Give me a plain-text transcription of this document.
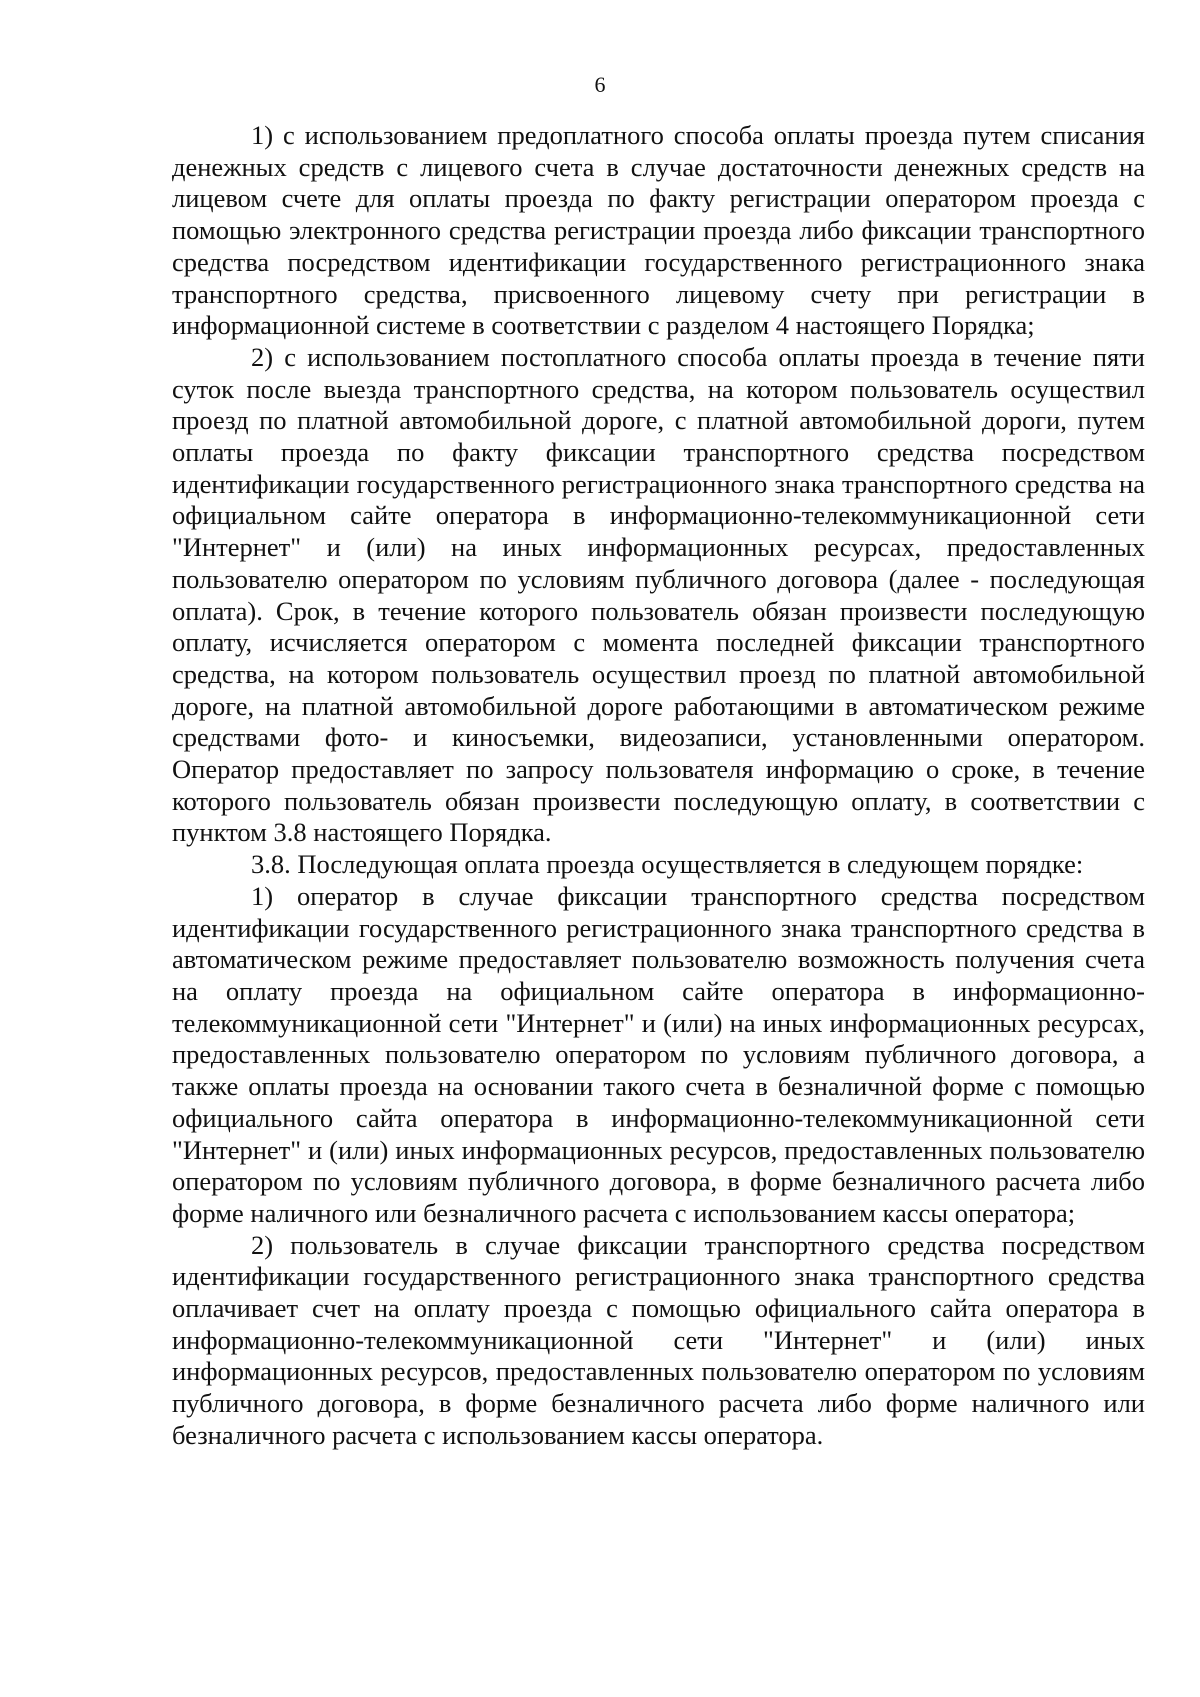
6

1) с использованием предоплатного способа оплаты проезда путем списания денежных средств с лицевого счета в случае достаточности денежных средств на лицевом счете для оплаты проезда по факту регистрации оператором проезда с помощью электронного средства регистрации проезда либо фиксации транспортного средства посредством идентификации государственного регистрационного знака транспортного средства, присвоенного лицевому счету при регистрации в информационной системе в соответствии с разделом 4 настоящего Порядка;

2) с использованием постоплатного способа оплаты проезда в течение пяти суток после выезда транспортного средства, на котором пользователь осуществил проезд по платной автомобильной дороге, с платной автомобильной дороги, путем оплаты проезда по факту фиксации транспортного средства посредством идентификации государственного регистрационного знака транспортного средства на официальном сайте оператора в информационно-телекоммуникационной сети "Интернет" и (или) на иных информационных ресурсах, предоставленных пользователю оператором по условиям публичного договора (далее - последующая оплата). Срок, в течение которого пользователь обязан произвести последующую оплату, исчисляется оператором с момента последней фиксации транспортного средства, на котором пользователь осуществил проезд по платной автомобильной дороге, на платной автомобильной дороге работающими в автоматическом режиме средствами фото- и киносъемки, видеозаписи, установленными оператором. Оператор предоставляет по запросу пользователя информацию о сроке, в течение которого пользователь обязан произвести последующую оплату, в соответствии с пунктом 3.8 настоящего Порядка.

3.8. Последующая оплата проезда осуществляется в следующем порядке:

1) оператор в случае фиксации транспортного средства посредством идентификации государственного регистрационного знака транспортного средства в автоматическом режиме предоставляет пользователю возможность получения счета на оплату проезда на официальном сайте оператора в информационно-телекоммуникационной сети "Интернет" и (или) на иных информационных ресурсах, предоставленных пользователю оператором по условиям публичного договора, а также оплаты проезда на основании такого счета в безналичной форме с помощью официального сайта оператора в информационно-телекоммуникационной сети "Интернет" и (или) иных информационных ресурсов, предоставленных пользователю оператором по условиям публичного договора, в форме безналичного расчета либо форме наличного или безналичного расчета с использованием кассы оператора;

2) пользователь в случае фиксации транспортного средства посредством идентификации государственного регистрационного знака транспортного средства оплачивает счет на оплату проезда с помощью официального сайта оператора в информационно-телекоммуникационной сети "Интернет" и (или) иных информационных ресурсов, предоставленных пользователю оператором по условиям публичного договора, в форме безналичного расчета либо форме наличного или безналичного расчета с использованием кассы оператора.
